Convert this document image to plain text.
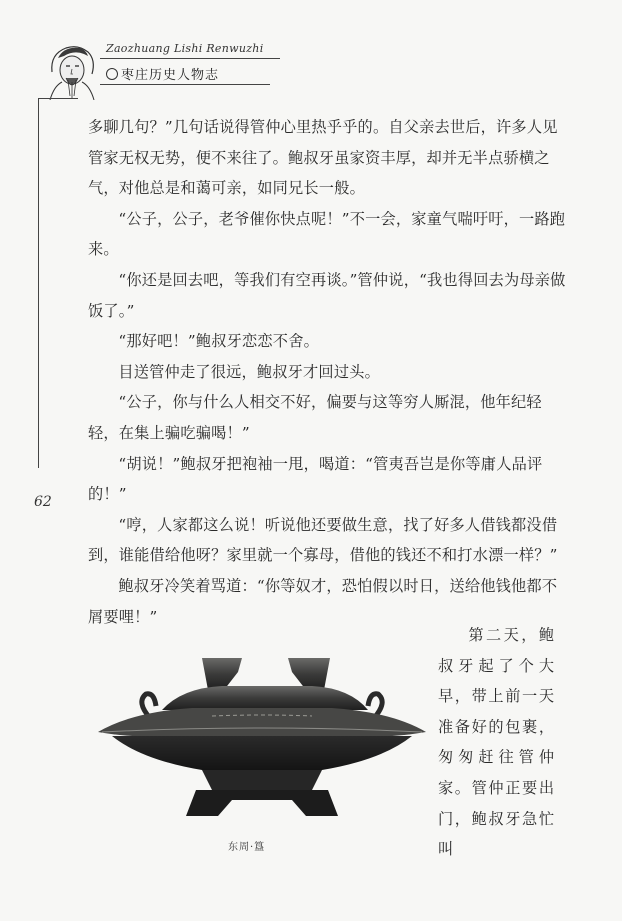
Zaozhuang Lishi Renwuzhi
枣庄历史人物志
62

多聊几句？”几句话说得管仲心里热乎乎的。自父亲去世后，许多人见管家无权无势，便不来往了。鲍叔牙虽家资丰厚，却并无半点骄横之气，对他总是和蔼可亲，如同兄长一般。

“公子，公子，老爷催你快点呢！”不一会，家童气喘吁吁，一路跑来。

“你还是回去吧，等我们有空再谈。”管仲说，“我也得回去为母亲做饭了。”

“那好吧！”鲍叔牙恋恋不舍。

目送管仲走了很远，鲍叔牙才回过头。

“公子，你与什么人相交不好，偏要与这等穷人厮混，他年纪轻轻，在集上骗吃骗喝！”

“胡说！”鲍叔牙把袍袖一甩，喝道：“管夷吾岂是你等庸人品评的！”

“哼，人家都这么说！听说他还要做生意，找了好多人借钱都没借到，谁能借给他呀？家里就一个寡母，借他的钱还不和打水漂一样？”

鲍叔牙冷笑着骂道：“你等奴才，恐怕假以时日，送给他钱他都不屑要哩！”

东周·簋

第二天，鲍叔牙起了个大早，带上前一天准备好的包裹，匆匆赶往管仲家。管仲正要出门，鲍叔牙急忙叫
